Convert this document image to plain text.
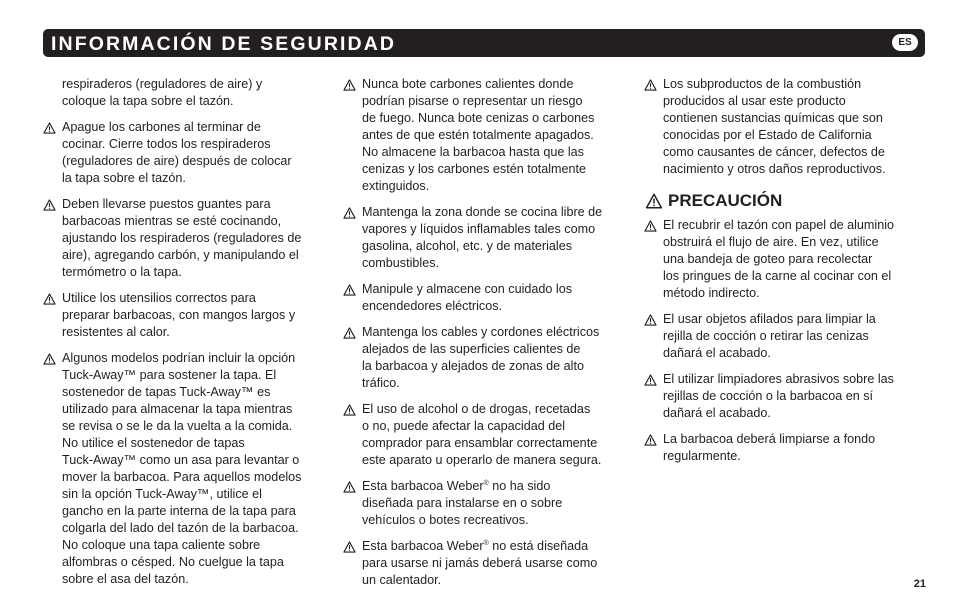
INFORMACIÓN DE SEGURIDAD	ES
respiraderos (reguladores de aire) y
coloque la tapa sobre el tazón.
Apague los carbones al terminar de
cocinar. Cierre todos los respiraderos
(reguladores de aire) después de colocar
la tapa sobre el tazón.
Deben llevarse puestos guantes para
barbacoas mientras se esté cocinando,
ajustando los respiraderos (reguladores de
aire), agregando carbón, y manipulando el
termómetro o la tapa.
Utilice los utensilios correctos para
preparar barbacoas, con mangos largos y
resistentes al calor.
Algunos modelos podrían incluir la opción
Tuck-Away™ para sostener la tapa. El
sostenedor de tapas Tuck-Away™ es
utilizado para almacenar la tapa mientras
se revisa o se le da la vuelta a la comida.
No utilice el sostenedor de tapas
Tuck-Away™ como un asa para levantar o
mover la barbacoa. Para aquellos modelos
sin la opción Tuck-Away™, utilice el
gancho en la parte interna de la tapa para
colgarla del lado del tazón de la barbacoa.
No coloque una tapa caliente sobre
alfombras o césped. No cuelgue la tapa
sobre el asa del tazón.
Nunca bote carbones calientes donde
podrían pisarse o representar un riesgo
de fuego. Nunca bote cenizas o carbones
antes de que estén totalmente apagados.
No almacene la barbacoa hasta que las
cenizas y los carbones estén totalmente
extinguidos.
Mantenga la zona donde se cocina libre de
vapores y líquidos inflamables tales como
gasolina, alcohol, etc. y de materiales
combustibles.
Manipule y almacene con cuidado los
encendedores eléctricos.
Mantenga los cables y cordones eléctricos
alejados de las superficies calientes de
la barbacoa y alejados de zonas de alto
tráfico.
El uso de alcohol o de drogas, recetadas
o no, puede afectar la capacidad del
comprador para ensamblar correctamente
este aparato u operarlo de manera segura.
Esta barbacoa Weber® no ha sido
diseñada para instalarse en o sobre
vehículos o botes recreativos.
Esta barbacoa Weber® no está diseñada
para usarse ni jamás deberá usarse como
un calentador.
Los subproductos de la combustión
producidos al usar este producto
contienen sustancias químicas que son
conocidas por el Estado de California
como causantes de cáncer, defectos de
nacimiento y otros daños reproductivos.
PRECAUCIÓN
El recubrir el tazón con papel de aluminio
obstruirá el flujo de aire. En vez, utilice
una bandeja de goteo para recolectar
los pringues de la carne al cocinar con el
método indirecto.
El usar objetos afilados para limpiar la
rejilla de cocción o retirar las cenizas
dañará el acabado.
El utilizar limpiadores abrasivos sobre las
rejillas de cocción o la barbacoa en sí
dañará el acabado.
La barbacoa deberá limpiarse a fondo
regularmente.
21
